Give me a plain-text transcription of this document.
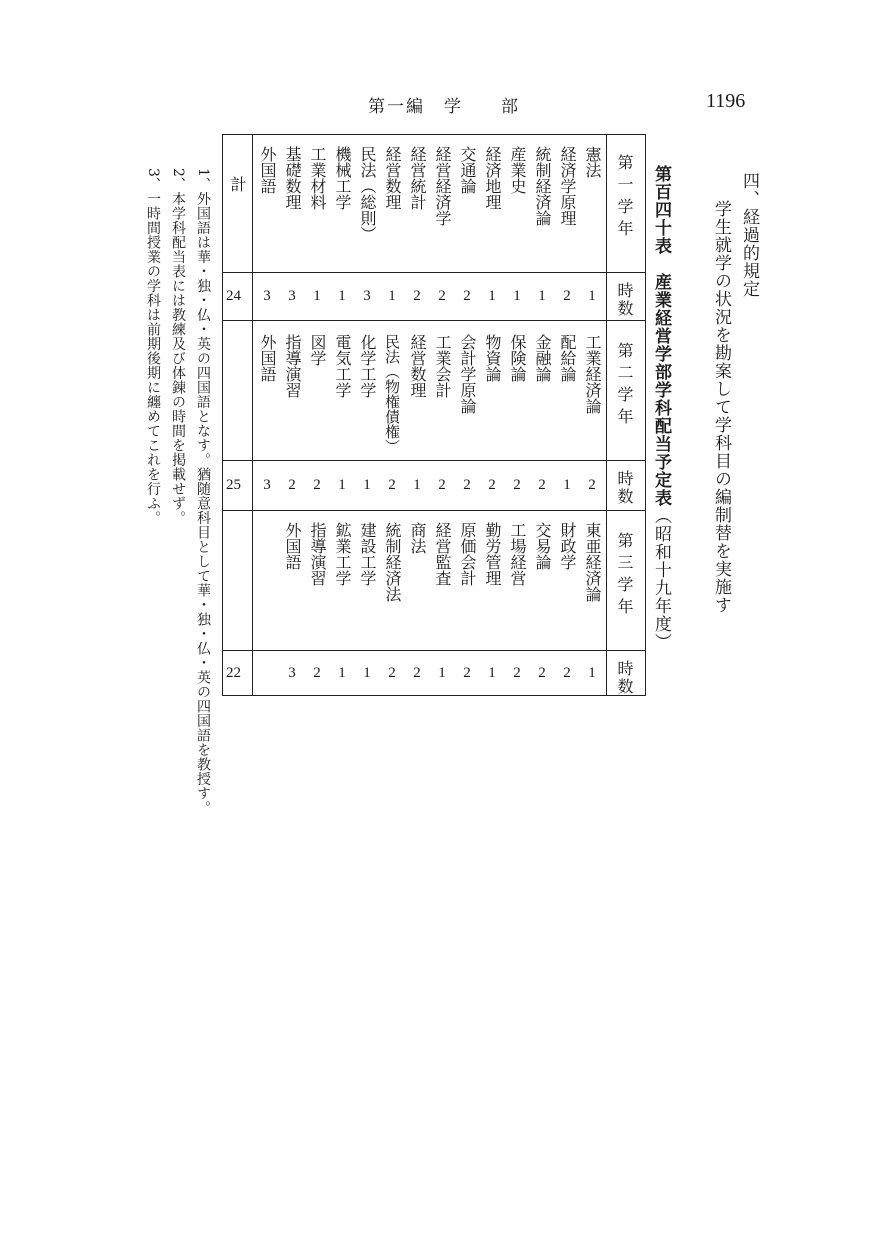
第一編　学　　部	1196
四、経過的規定
学生就学の状況を勘案して学科目の編制替を実施す
第百四十表　産業経営学部学科配当予定表（昭和十九年度）
第一学年
時数
第二学年
時数
第三学年
時数
憲法
1
工業経済論
2
東亜経済論
1
経済学原理
2
配給論
1
財政学
2
統制経済論
1
金融論
2
交易論
2
産業史
1
保険論
2
工場経営
2
経済地理
1
物資論
2
勤労管理
1
交通論
2
会計学原論
2
原価会計
2
経営経済学
2
工業会計
2
経営監査
1
経営統計
2
経営数理
1
商法
2
経営数理
1
民法（物権債権）
2
統制経済法
2
民法（総則）
3
化学工学
1
建設工学
1
機械工学
1
電気工学
1
鉱業工学
1
工業材料
1
図学
2
指導演習
2
基礎数理
3
指導演習
2
外国語
3
外国語
3
外国語
3
計
24
25
22
1、外国語は華・独・仏・英の四国語となす。猶随意科目として華・独・仏・英の四国語を教授す。
2、本学科配当表には教練及び体錬の時間を掲載せず。
3、一時間授業の学科は前期後期に纏めてこれを行ふ。
